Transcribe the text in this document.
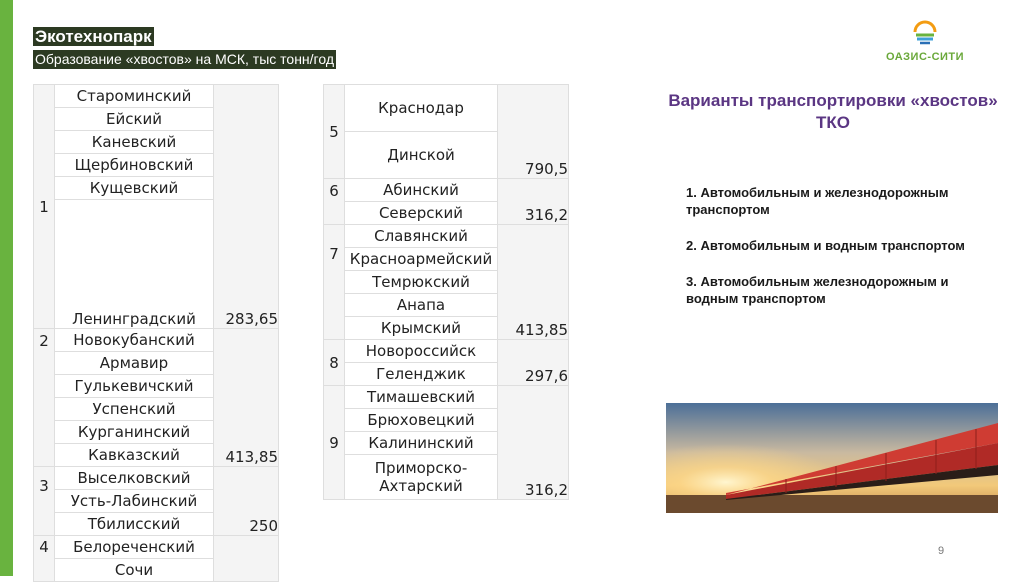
Экотехнопарк
Образование «хвостов» на МСК, тыс тонн/год	ОАЗИС-СИТИ
1	Староминский	283,65
	Ейский	
	Каневский	
	Щербиновский	
	Кущевский	
	Ленинградский	
2	Новокубанский	413,85
	Армавир	
	Гулькевичский	
	Успенский	
	Курганинский	
	Кавказский	
3	Выселковский	250
	Усть-Лабинский	
	Тбилисский	
4	Белореченский	
	Сочи	
5	Краснодар	790,5
	Динской	
6	Абинский	316,2
	Северский	
7	Славянский	413,85
	Красноармейский	
	Темрюкский	
	Анапа	
	Крымский	
8	Новороссийск	297,6
	Геленджик	
9	Тимашевский	316,2
	Брюховецкий	
	Калининский	
	Приморско-Ахтарский	
Варианты транспортировки «хвостов» ТКО

1. Автомобильным и железнодорожным транспортом

2. Автомобильным и водным транспортом

3. Автомобильным железнодорожным и водным транспортом

9
